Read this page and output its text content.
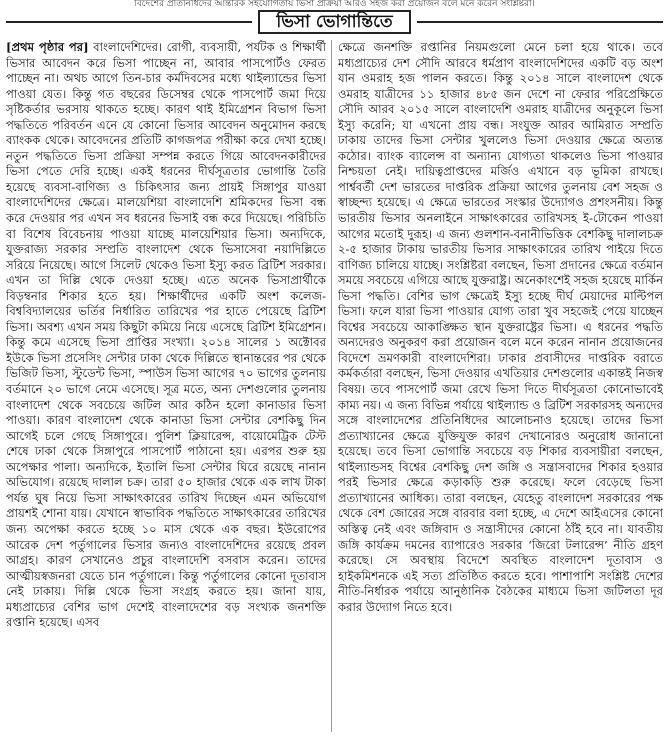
বিদেশের প্রতিনিধিদের আন্তরিক সহযোগিতায় ভিসা প্রক্রিয়া আরও সহজ করা প্রয়োজন বলে মনে করেন সংশ্লিষ্টরা।
ভিসা ভোগান্তিতে

[প্রথম পৃষ্ঠার পর] বাংলাদেশিদের। রোগী, ব্যবসায়ী, পর্যটক ও শিক্ষার্থী ভিসার আবেদন করে ভিসা পাচ্ছেন না, আবার পাসপোর্টও ফেরত পাচ্ছেন না। অথচ আগে তিন-চার কর্মদিবসের মধ্যে থাইল্যান্ডের ভিসা পাওয়া যেত। কিন্তু গত বছরের ডিসেম্বর থেকে পাসপোর্ট জমা দিয়ে সৃষ্টিকর্তার ভরসায় থাকতে হচ্ছে। কারণ থাই ইমিগ্রেশন বিভাগ ভিসা পদ্ধতিতে পরিবর্তন এনে যে কোনো ভিসার আবেদন অনুমোদন করছে ব্যাংকক থেকে। আবেদনের প্রতিটি কাগজপত্র পরীক্ষা করে দেখা হচ্ছে। নতুন পদ্ধতিতে ভিসা প্রক্রিয়া সম্পন্ন করতে গিয়ে আবেদনকারীদের ভিসা পেতে দেরি হচ্ছে। একই ধরনের দীর্ঘসূত্রতার ভোগান্তি তৈরি হয়েছে ব্যবসা-বাণিজ্য ও চিকিৎসার জন্য প্রায়ই সিঙ্গাপুর যাওয়া বাংলাদেশিদের ক্ষেত্রে। মালয়েশিয়া বাংলাদেশি শ্রমিকদের ভিসা বন্ধ করে দেওয়ার পর এখন সব ধরনের ভিসাই বন্ধ করে দিয়েছে। পরিচিতি বা বিশেষ বিবেচনায় পাওয়া যাচ্ছে মালয়েশিয়ার ভিসা। অন্যদিকে, যুক্তরাজ্য সরকার সম্প্রতি বাংলাদেশ থেকে ভিসাসেবা নয়াদিল্লিতে সরিয়ে নিয়েছে। আগে সিলেট থেকেও ভিসা ইস্যু করত ব্রিটিশ সরকার। এখন তা দিল্লি থেকে দেওয়া হচ্ছে। এতে অনেক ভিসাপ্রার্থীকে বিড়ম্বনার শিকার হতে হয়। শিক্ষার্থীদের একটি অংশ কলেজ-বিশ্ববিদ্যালয়ের ভর্তির নির্ধারিত তারিখের পর হাতে পেয়েছে ব্রিটিশ ভিসা। অবশ্য এখন সময় কিছুটা কমিয়ে নিয়ে এসেছে ব্রিটিশ ইমিগ্রেশন। কিন্তু কমে এসেছে ভিসা প্রাপ্তির সংখ্যা। ২০১৪ সালের ১ অক্টোবর ইউকে ভিসা প্রসেসিং সেন্টার ঢাকা থেকে দিল্লিতে স্থানান্তরের পর থেকে ভিজিট ভিসা, স্টুডেন্ট ভিসা, স্পাউস ভিসা আগের ৭০ ভাগের তুলনায় বর্তমানে ২০ ভাগে নেমে এসেছে। সূত্র মতে, অন্য দেশগুলোর তুলনায় বাংলাদেশ থেকে সবচেয়ে জটিল আর কঠিন হলো কানাডার ভিসা পাওয়া। কারণ বাংলাদেশ থেকে কানাডা ভিসা সেন্টার বেশকিছু দিন আগেই চলে গেছে সিঙ্গাপুরে। পুলিশ ক্লিয়ারেন্স, বায়োমেট্রিক টেস্ট শেষে ঢাকা থেকে সিঙ্গাপুরে পাসপোর্ট পাঠানো হয়। এরপর শুরু হয় অপেক্ষার পালা। অন্যদিকে, ইতালি ভিসা সেন্টার ঘিরে রয়েছে নানান অভিযোগ। রয়েছে দালাল চক্র। তারা ৫০ হাজার থেকে এক লাখ টাকা পর্যন্ত ঘুষ নিয়ে ভিসা সাক্ষাৎকারের তারিখ দিচ্ছেন এমন অভিযোগ প্রায়শই শোনা যায়। যেখানে স্বাভাবিক পদ্ধতিতে সাক্ষাৎকারের তারিখের জন্য অপেক্ষা করতে হচ্ছে ১০ মাস থেকে এক বছর। ইউরোপের আরেক দেশ পর্তুগালের ভিসার জন্যও বাংলাদেশিদের রয়েছে প্রবল আগ্রহ। কারণ সেখানেও প্রচুর বাংলাদেশি বসবাস করেন। তাদের আত্মীয়স্বজনরা যেতে চান পর্তুগালে। কিন্তু পর্তুগালের কোনো দূতাবাস নেই ঢাকায়। দিল্লি থেকে ভিসা সংগ্রহ করতে হয়। জানা যায়, মধ্যপ্রাচ্যের বেশির ভাগ দেশেই বাংলাদেশের বড় সংখ্যক জনশক্তি রপ্তানি হয়েছে। এসব

ক্ষেত্রে জনশক্তি রপ্তানির নিয়মগুলো মেনে চলা হয়ে থাকে। তবে মধ্যপ্রাচ্যের দেশ সৌদি আরবে ধর্মপ্রাণ বাংলাদেশিদের একটি বড় অংশ যান ওমরাহ হজ পালন করতে। কিন্তু ২০১৪ সালে বাংলাদেশ থেকে ওমরাহ যাত্রীদের ১১ হাজার ৪৮৫ জন দেশে না ফেরার পরিপ্রেক্ষিতে সৌদি আরব ২০১৫ সালে বাংলাদেশি ওমরাহ যাত্রীদের অনুকূলে ভিসা ইস্যু করেনি; যা এখনো প্রায় বন্ধ। সংযুক্ত আরব আমিরাত সম্প্রতি ঢাকায় তাদের ভিসা সেন্টার খুললেও ভিসা দেওয়ার ক্ষেত্রে অত্যন্ত কঠোর। ব্যাংক ব্যালেন্স বা অন্যান্য যোগ্যতা থাকলেও ভিসা পাওয়ার নিশ্চয়তা নেই। দায়িত্বপ্রাপ্তদের মর্জিও এখানে বড় ভূমিকা রাখছে। পার্শ্ববর্তী দেশ ভারতের দাপ্তরিক প্রক্রিয়া আগের তুলনায় বেশ সহজ ও স্বাচ্ছন্দ্য হয়েছে। এ ক্ষেত্রে ভারতের সংস্কার উদ্যোগও প্রশংসনীয়। কিন্তু ভারতীয় ভিসার অনলাইনে সাক্ষাৎকারের তারিখসহ ই-টোকেন পাওয়া আগের মতোই দুরূহ। এ জন্য গুলশান-বনানীভিত্তিক বেশকিছু দালালচক্র ২-৫ হাজার টাকায় ভারতীয় ভিসার সাক্ষাৎকারের তারিখ পাইয়ে দিতে বাণিজ্য চালিয়ে যাচ্ছে। সংশ্লিষ্টরা বলছেন, ভিসা প্রদানের ক্ষেত্রে বর্তমান সময়ে সবচেয়ে এগিয়ে আছে যুক্তরাষ্ট্র। অনেকাংশেই সহজ হয়েছে মার্কিন ভিসা পদ্ধতি। বেশির ভাগ ক্ষেত্রেই ইস্যু হচ্ছে দীর্ঘ মেয়াদের মাল্টিপল ভিসা। ফলে যারা ভিসা পাওয়ার যোগ্য তারা খুব সহজেই পেয়ে যাচ্ছেন বিশ্বের সবচেয়ে আকাঙ্ক্ষিত স্থান যুক্তরাষ্ট্রের ভিসা। এ ধরনের পদ্ধতি অন্যদেরও অনুকরণ করা প্রয়োজন বলে মনে করেন নানান প্রয়োজনের বিদেশে ভ্রমণকারী বাংলাদেশিরা। ঢাকার প্রবাসীদের দাপ্তরিক বরাতে কর্মকর্তারা বলছেন, ভিসা দেওয়ার এখতিয়ার দেশগুলোর একান্তই নিজস্ব বিষয়। তবে পাসপোর্ট জমা রেখে ভিসা দিতে দীর্ঘসূত্রতা কোনোভাবেই কাম্য নয়। এ জন্য বিভিন্ন পর্যায়ে থাইল্যান্ড ও ব্রিটিশ সরকারসহ অন্যদের সঙ্গে বাংলাদেশের প্রতিনিধিদের আলোচনাও হয়েছে। তাদের ভিসা প্রত্যাখ্যানের ক্ষেত্রে যুক্তিযুক্ত কারণ দেখানোরও অনুরোধ জানানো হয়েছে। তবে ভিসা ভোগান্তি সবচেয়ে বড় শিকার ব্যবসায়ীরা বলছেন, থাইল্যান্ডসহ বিশ্বের বেশকিছু দেশ জঙ্গি ও সন্ত্রাসবাদের শিকার হওয়ার পরই ভিসার ক্ষেত্রে কড়াকড়ি শুরু করেছে। ফলে বেড়েছে ভিসা প্রত্যাখ্যানের আধিক্য। তারা বলছেন, যেহেতু বাংলাদেশ সরকারের পক্ষ থেকে বেশ জোরের সঙ্গে বারবার বলা হচ্ছে, এ দেশে আইএসের কোনো অস্তিত্ব নেই এবং জঙ্গিবাদ ও সন্ত্রাসীদের কোনো ঠাঁই হবে না। যাবতীয় জঙ্গি কার্যক্রম দমনের ব্যাপারেও সরকার ‘জিরো টলারেন্স’ নীতি গ্রহণ করেছে। সে অবস্থায় বিদেশে অবস্থিত বাংলাদেশ দূতাবাস ও হাইকমিশনকে এই সত্য প্রতিষ্ঠিত করতে হবে। পাশাপাশি সংশ্লিষ্ট দেশের নীতি-নির্ধারক পর্যায়ে আনুষ্ঠানিক বৈঠকের মাধ্যমে ভিসা জটিলতা দূর করার উদ্যোগ নিতে হবে।
